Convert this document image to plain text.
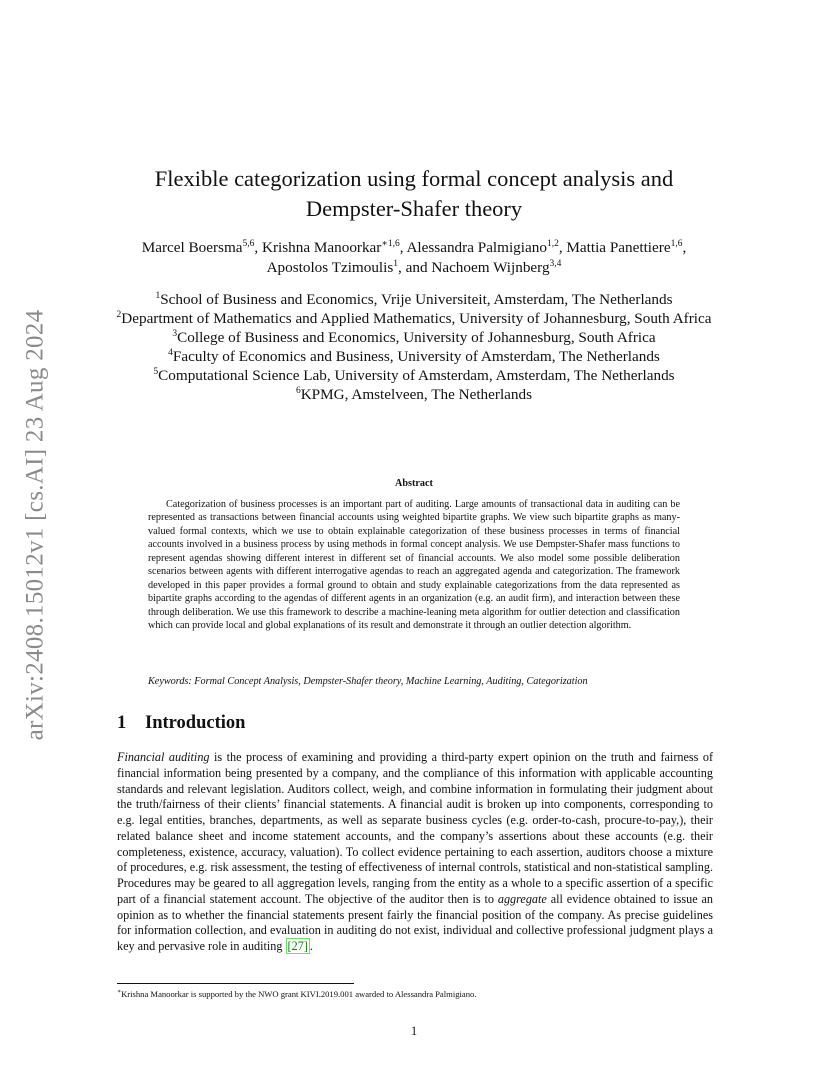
arXiv:2408.15012v1 [cs.AI] 23 Aug 2024
Flexible categorization using formal concept analysis and
Dempster-Shafer theory
Marcel Boersma$^{5,6}$, Krishna Manoorkar$^{∗1,6}$, Alessandra Palmigiano$^{1,2}$, Mattia Panettiere$^{1,6}$,
Apostolos Tzimoulis$^1$, and Nachoem Wijnberg$^{3,4}$
$^1$School of Business and Economics, Vrije Universiteit, Amsterdam, The Netherlands
$^2$Department of Mathematics and Applied Mathematics, University of Johannesburg, South Africa
$^3$College of Business and Economics, University of Johannesburg, South Africa
$^4$Faculty of Economics and Business, University of Amsterdam, The Netherlands
$^5$Computational Science Lab, University of Amsterdam, Amsterdam, The Netherlands
$^6$KPMG, Amstelveen, The Netherlands
Abstract

Categorization of business processes is an important part of auditing. Large amounts of transactional data in auditing can be represented as transactions between financial accounts using weighted bipartite graphs. We view such bipartite graphs as many-valued formal contexts, which we use to obtain explainable categorization of these business processes in terms of financial accounts involved in a business process by using methods in formal concept analysis. We use Dempster-Shafer mass functions to represent agendas showing different interest in different set of financial accounts. We also model some possible deliberation scenarios between agents with different interrogative agendas to reach an aggregated agenda and categorization. The framework developed in this paper provides a formal ground to obtain and study explainable categorizations from the data represented as bipartite graphs according to the agendas of different agents in an organization (e.g. an audit firm), and interaction between these through deliberation. We use this framework to describe a machine-leaning meta algorithm for outlier detection and classification which can provide local and global explanations of its result and demonstrate it through an outlier detection algorithm.

Keywords: Formal Concept Analysis, Dempster-Shafer theory, Machine Learning, Auditing, Categorization
1 Introduction

Financial auditing is the process of examining and providing a third-party expert opinion on the truth and fairness of financial information being presented by a company, and the compliance of this information with applicable accounting standards and relevant legislation. Auditors collect, weigh, and combine information in formulating their judgment about the truth/fairness of their clients’ financial statements. A financial audit is broken up into components, corresponding to e.g. legal entities, branches, departments, as well as separate business cycles (e.g. order-to-cash, procure-to-pay,), their related balance sheet and income statement accounts, and the company’s assertions about these accounts (e.g. their completeness, existence, accuracy, valuation). To collect evidence pertaining to each assertion, auditors choose a mixture of procedures, e.g. risk assessment, the testing of effectiveness of internal controls, statistical and non-statistical sampling. Procedures may be geared to all aggregation levels, ranging from the entity as a whole to a specific assertion of a specific part of a financial statement account. The objective of the auditor then is to aggregate all evidence obtained to issue an opinion as to whether the financial statements present fairly the financial position of the company. As precise guidelines for information collection, and evaluation in auditing do not exist, individual and collective professional judgment plays a key and pervasive role in auditing [27] .

∗Krishna Manoorkar is supported by the NWO grant KIVI.2019.001 awarded to Alessandra Palmigiano.
1
